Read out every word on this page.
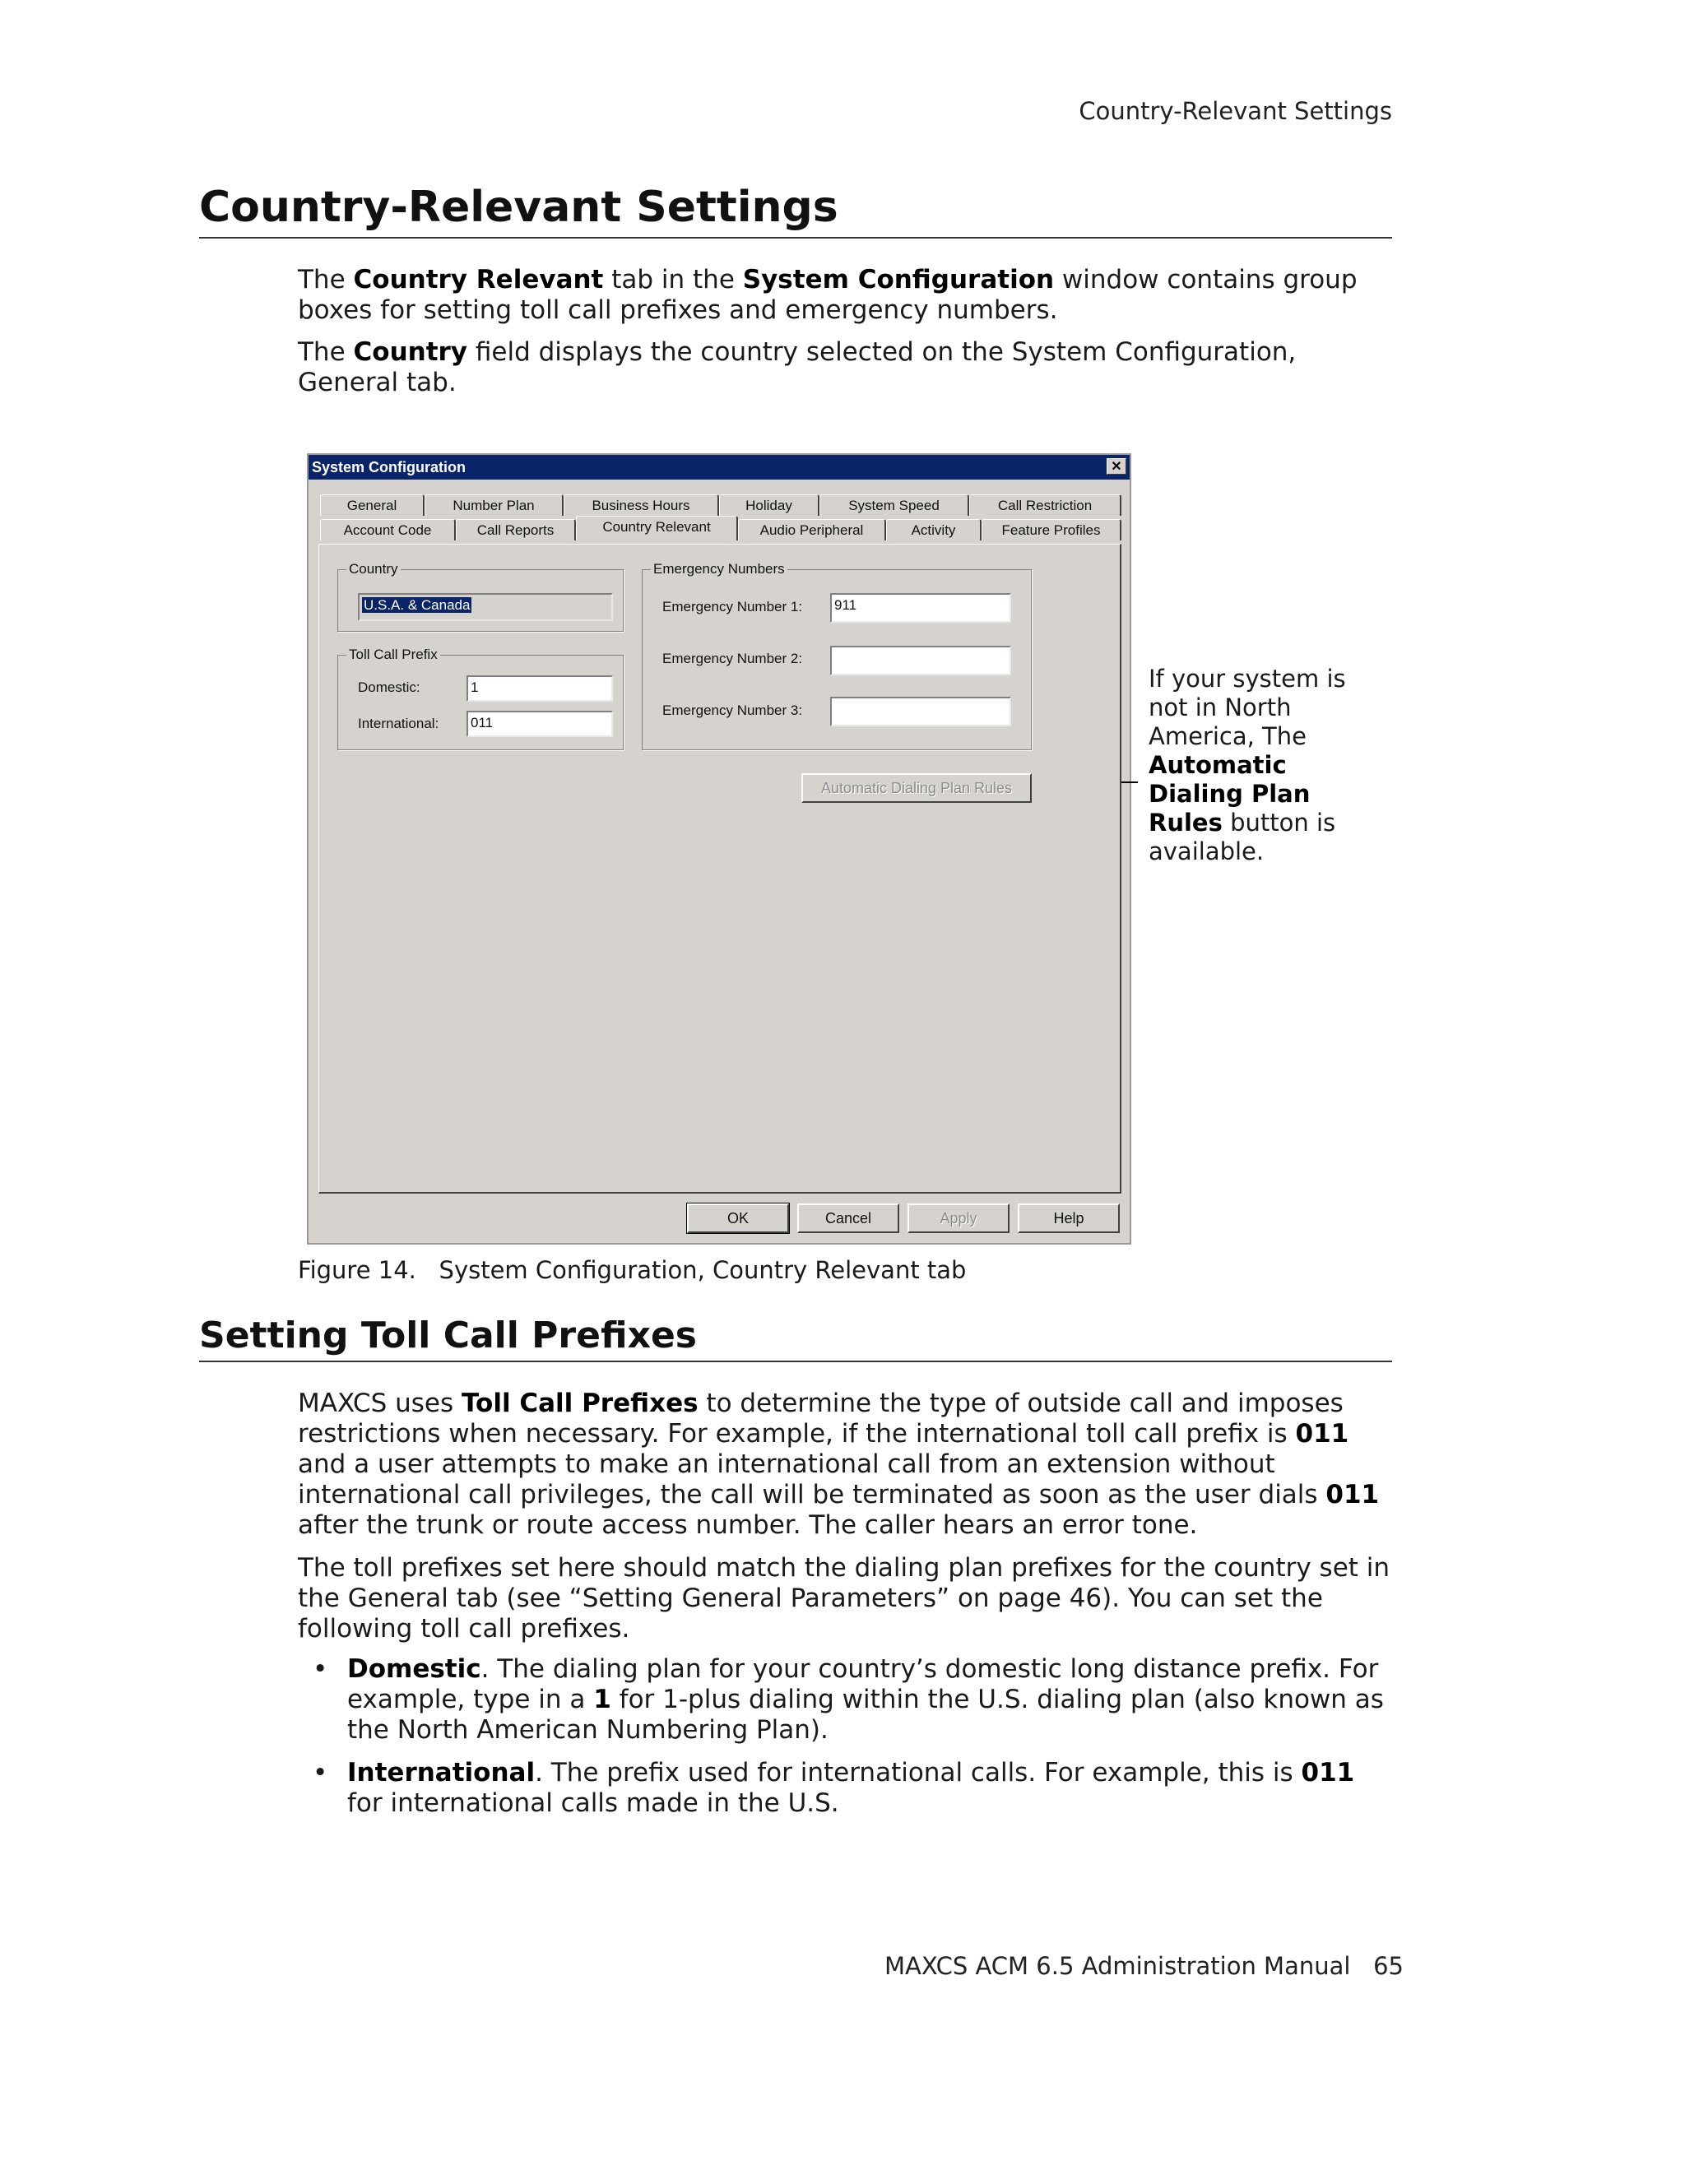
Country-Relevant Settings
Country-Relevant Settings

The Country Relevant tab in the System Configuration window contains group boxes for setting toll call prefixes and emergency numbers.

The Country field displays the country selected on the System Configuration, General tab.

System Configuration	✕
General	Number Plan	Business Hours	Holiday	System Speed	Call Restriction
Account Code	Call Reports	Country Relevant	Audio Peripheral	Activity	Feature Profiles
Country
U.S.A. & Canada
Toll Call Prefix
Domestic:	1
International: 011
Emergency Numbers
Emergency Number 1: 911
Emergency Number 2:
Emergency Number 3:
Automatic Dialing Plan Rules
OK	Cancel	Apply	Help

If your system is not in North America, The Automatic Dialing Plan Rules button is available.

Figure 14.   System Configuration, Country Relevant tab
Setting Toll Call Prefixes

MAXCS uses Toll Call Prefixes to determine the type of outside call and imposes restrictions when necessary. For example, if the international toll call prefix is 011 and a user attempts to make an international call from an extension without international call privileges, the call will be terminated as soon as the user dials 011 after the trunk or route access number. The caller hears an error tone.

The toll prefixes set here should match the dialing plan prefixes for the country set in the General tab (see “Setting General Parameters” on page 46). You can set the following toll call prefixes.

• Domestic. The dialing plan for your country’s domestic long distance prefix. For example, type in a 1 for 1-plus dialing within the U.S. dialing plan (also known as the North American Numbering Plan).
• International. The prefix used for international calls. For example, this is 011 for international calls made in the U.S.
MAXCS ACM 6.5 Administration Manual   65
